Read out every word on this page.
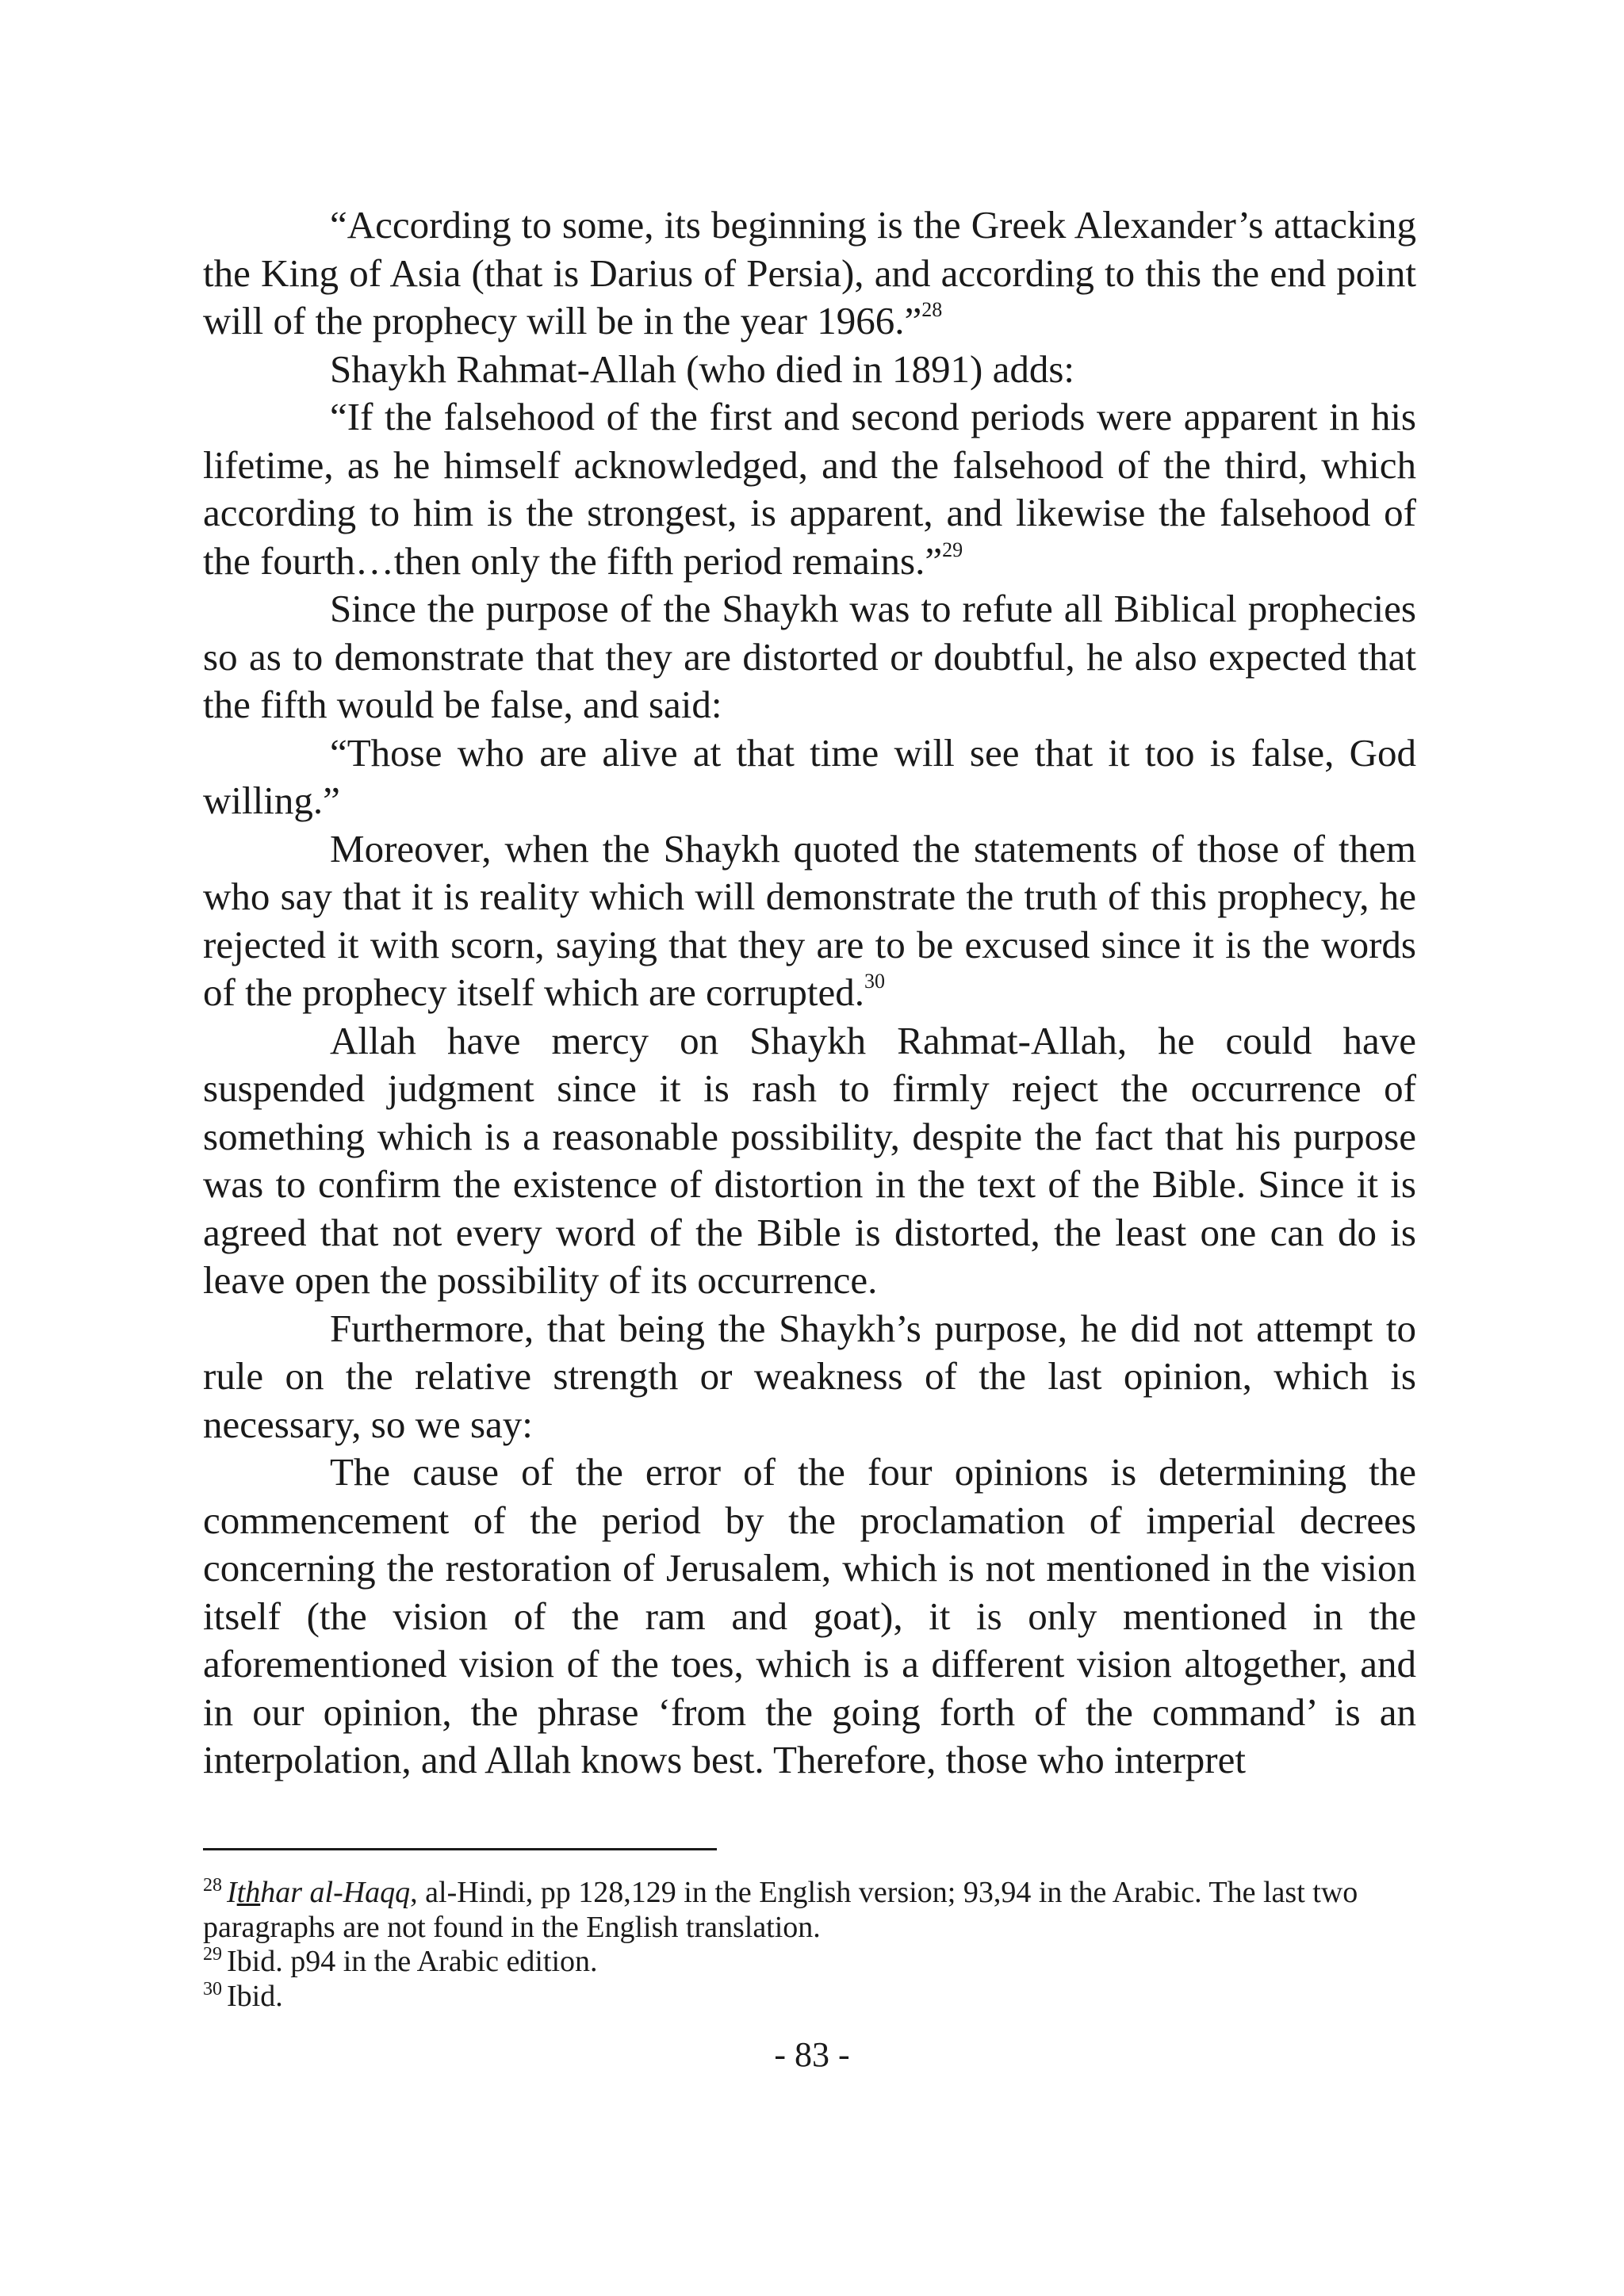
“According to some, its beginning is the Greek Alexander’s attacking the King of Asia (that is Darius of Persia), and according to this the end point will of the prophecy will be in the year 1966.”$^{28}$

Shaykh Rahmat-Allah (who died in 1891) adds:

“If the falsehood of the first and second periods were apparent in his lifetime, as he himself acknowledged, and the falsehood of the third, which according to him is the strongest, is apparent, and likewise the falsehood of the fourth…then only the fifth period remains.”$^{29}$

Since the purpose of the Shaykh was to refute all Biblical prophecies so as to demonstrate that they are distorted or doubtful, he also expected that the fifth would be false, and said:

“Those who are alive at that time will see that it too is false, God willing.”

Moreover, when the Shaykh quoted the statements of those of them who say that it is reality which will demonstrate the truth of this prophecy, he rejected it with scorn, saying that they are to be excused since it is the words of the prophecy itself which are corrupted.$^{30}$

Allah have mercy on Shaykh Rahmat-Allah, he could have suspended judgment since it is rash to firmly reject the occurrence of something which is a reasonable possibility, despite the fact that his purpose was to confirm the existence of distortion in the text of the Bible. Since it is agreed that not every word of the Bible is distorted, the least one can do is leave open the possibility of its occurrence.

Furthermore, that being the Shaykh’s purpose, he did not attempt to rule on the relative strength or weakness of the last opinion, which is necessary, so we say:

The cause of the error of the four opinions is determining the commencement of the period by the proclamation of imperial decrees concerning the restoration of Jerusalem, which is not mentioned in the vision itself (the vision of the ram and goat), it is only mentioned in the aforementioned vision of the toes, which is a different vision altogether, and in our opinion, the phrase ‘from the going forth of the command’ is an interpolation, and Allah knows best. Therefore, those who interpret

$^{28}$ Ithhar al-Haqq, al-Hindi, pp 128,129 in the English version; 93,94 in the Arabic. The last two paragraphs are not found in the English translation.

$^{29}$ Ibid. p94 in the Arabic edition.

$^{30}$ Ibid.

- 83 -
